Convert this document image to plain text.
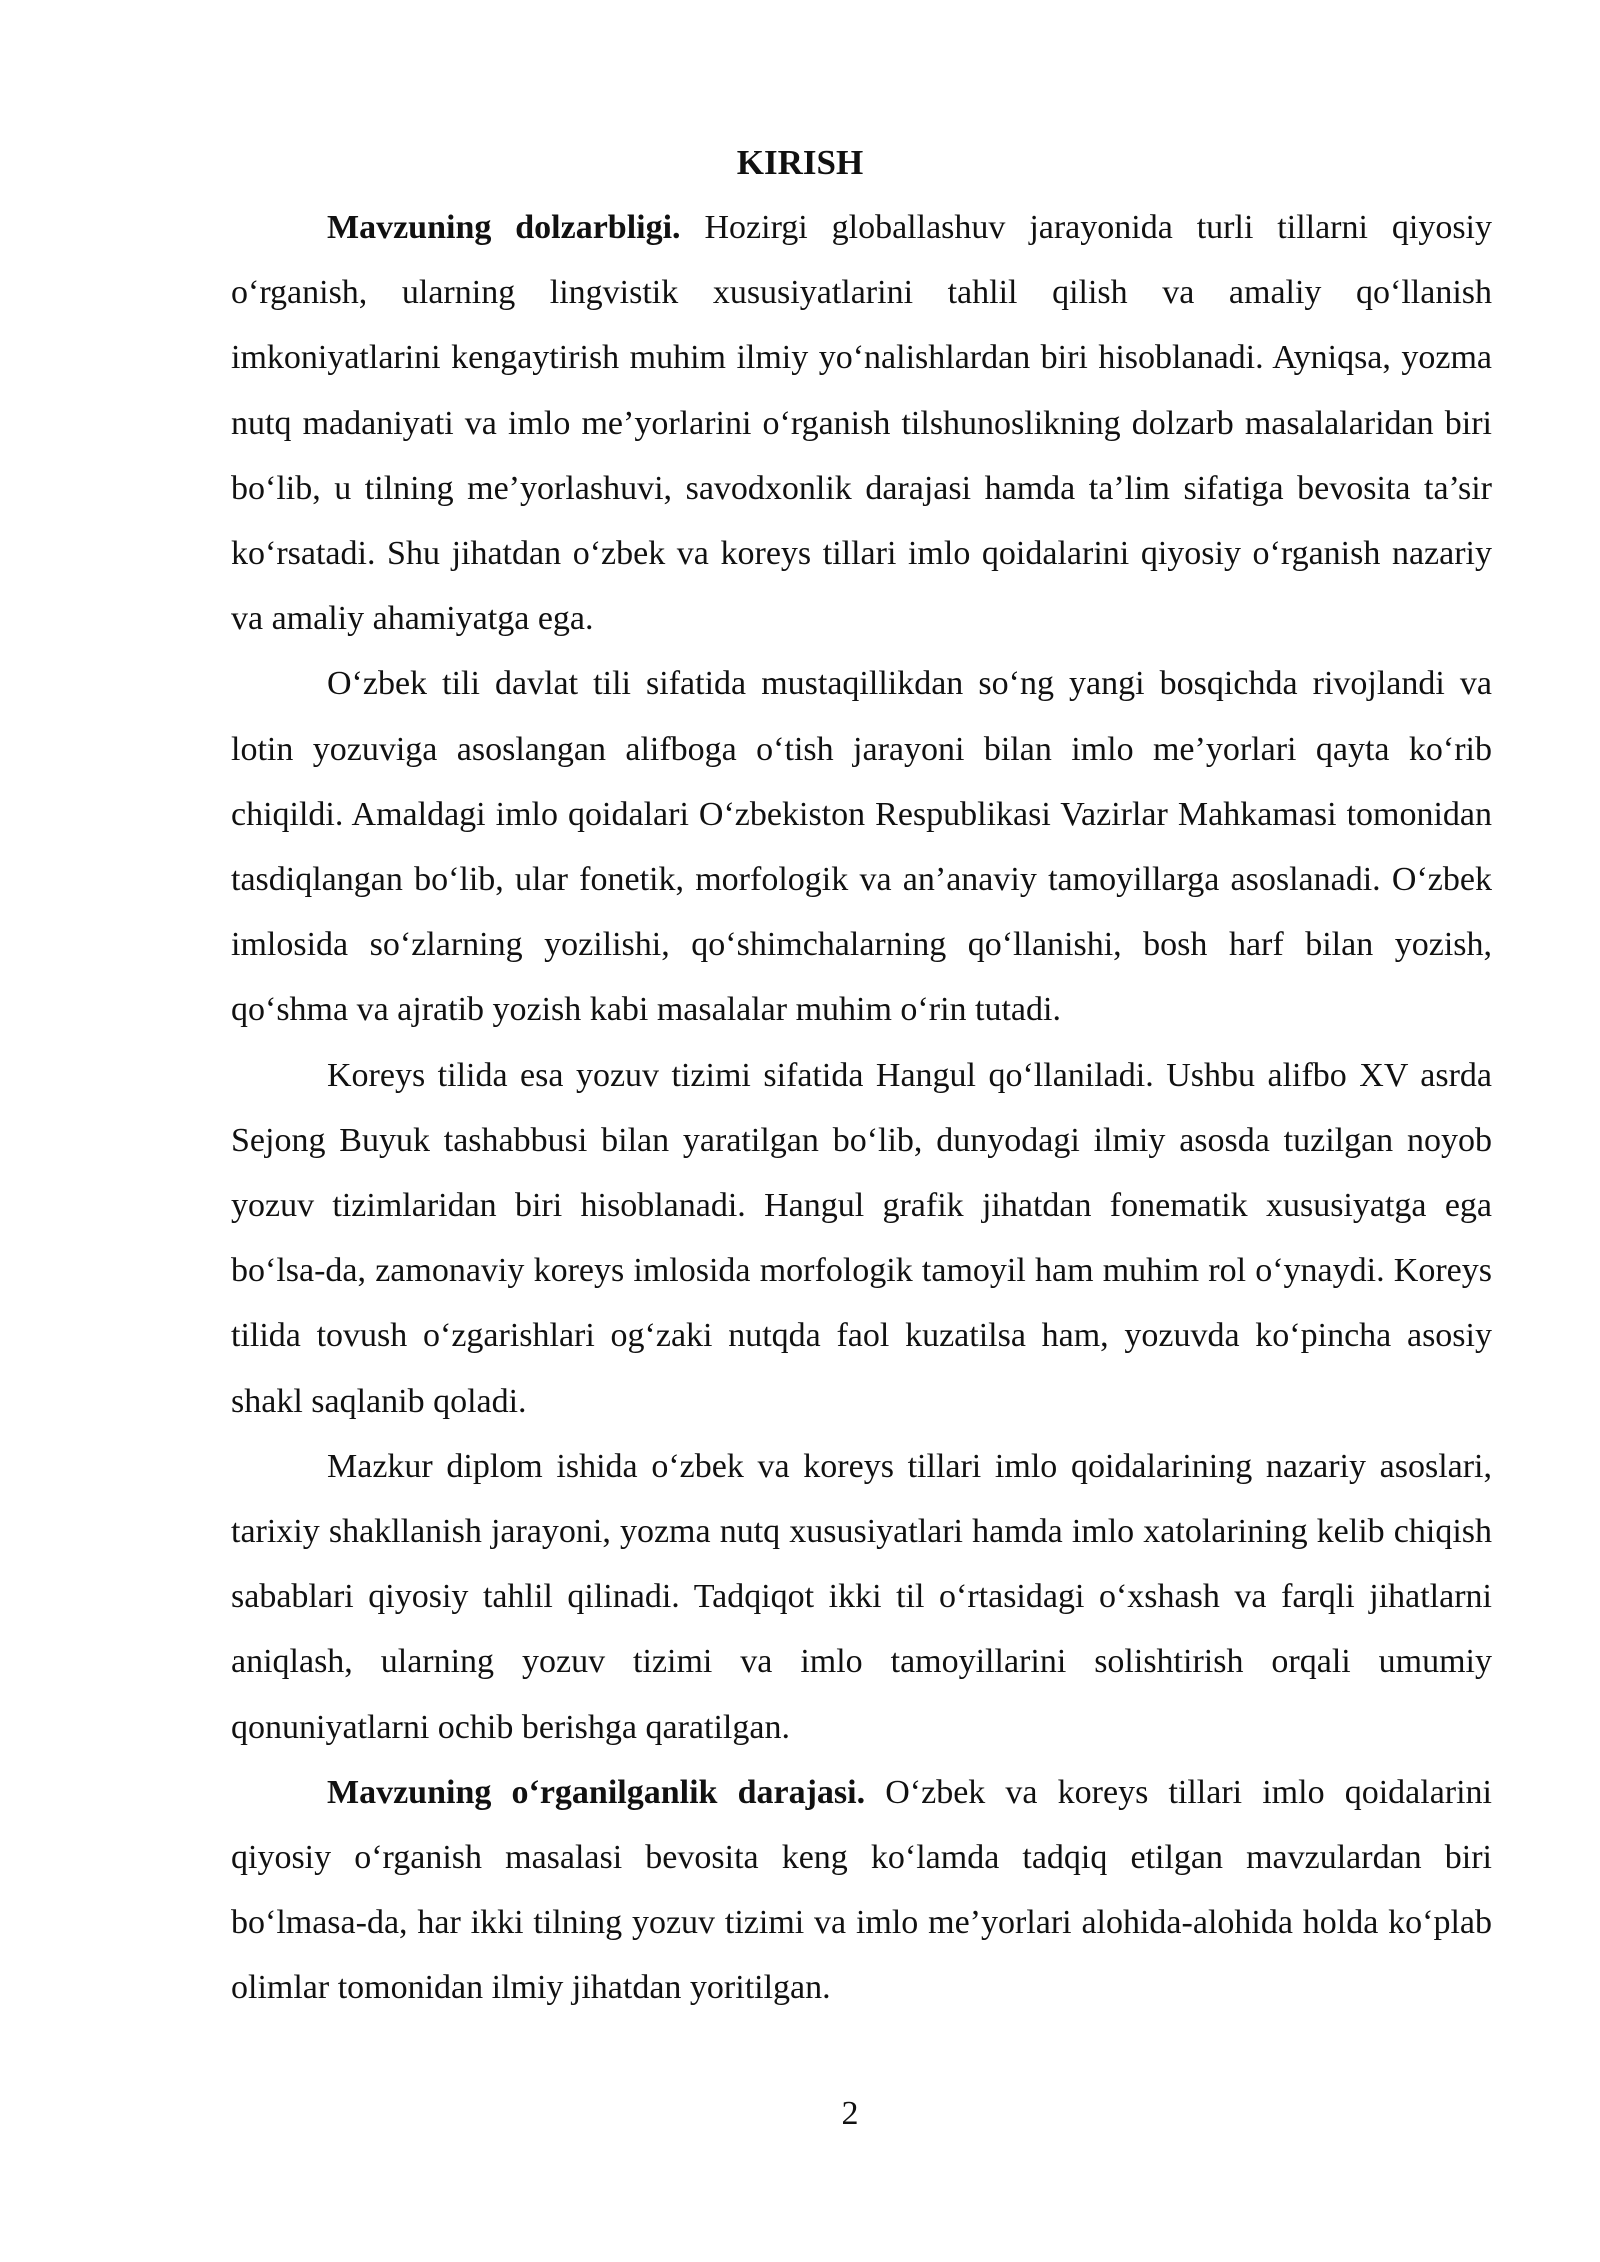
KIRISH

Mavzuning dolzarbligi. Hozirgi globallashuv jarayonida turli tillarni qiyosiy o‘rganish, ularning lingvistik xususiyatlarini tahlil qilish va amaliy qo‘llanish imkoniyatlarini kengaytirish muhim ilmiy yo‘nalishlardan biri hisoblanadi. Ayniqsa, yozma nutq madaniyati va imlo me’yorlarini o‘rganish tilshunoslikning dolzarb masalalaridan biri bo‘lib, u tilning me’yorlashuvi, savodxonlik darajasi hamda ta’lim sifatiga bevosita ta’sir ko‘rsatadi. Shu jihatdan o‘zbek va koreys tillari imlo qoidalarini qiyosiy o‘rganish nazariy va amaliy ahamiyatga ega.

O‘zbek tili davlat tili sifatida mustaqillikdan so‘ng yangi bosqichda rivojlandi va lotin yozuviga asoslangan alifboga o‘tish jarayoni bilan imlo me’yorlari qayta ko‘rib chiqildi. Amaldagi imlo qoidalari O‘zbekiston Respublikasi Vazirlar Mahkamasi tomonidan tasdiqlangan bo‘lib, ular fonetik, morfologik va an’anaviy tamoyillarga asoslanadi. O‘zbek imlosida so‘zlarning yozilishi, qo‘shimchalarning qo‘llanishi, bosh harf bilan yozish, qo‘shma va ajratib yozish kabi masalalar muhim o‘rin tutadi.

Koreys tilida esa yozuv tizimi sifatida Hangul qo‘llaniladi. Ushbu alifbo XV asrda Sejong Buyuk tashabbusi bilan yaratilgan bo‘lib, dunyodagi ilmiy asosda tuzilgan noyob yozuv tizimlaridan biri hisoblanadi. Hangul grafik jihatdan fonematik xususiyatga ega bo‘lsa-da, zamonaviy koreys imlosida morfologik tamoyil ham muhim rol o‘ynaydi. Koreys tilida tovush o‘zgarishlari og‘zaki nutqda faol kuzatilsa ham, yozuvda ko‘pincha asosiy shakl saqlanib qoladi.

Mazkur diplom ishida o‘zbek va koreys tillari imlo qoidalarining nazariy asoslari, tarixiy shakllanish jarayoni, yozma nutq xususiyatlari hamda imlo xatolarining kelib chiqish sabablari qiyosiy tahlil qilinadi. Tadqiqot ikki til o‘rtasidagi o‘xshash va farqli jihatlarni aniqlash, ularning yozuv tizimi va imlo tamoyillarini solishtirish orqali umumiy qonuniyatlarni ochib berishga qaratilgan.

Mavzuning o‘rganilganlik darajasi. O‘zbek va koreys tillari imlo qoidalarini qiyosiy o‘rganish masalasi bevosita keng ko‘lamda tadqiq etilgan mavzulardan biri bo‘lmasa-da, har ikki tilning yozuv tizimi va imlo me’yorlari alohida-alohida holda ko‘plab olimlar tomonidan ilmiy jihatdan yoritilgan.

2
